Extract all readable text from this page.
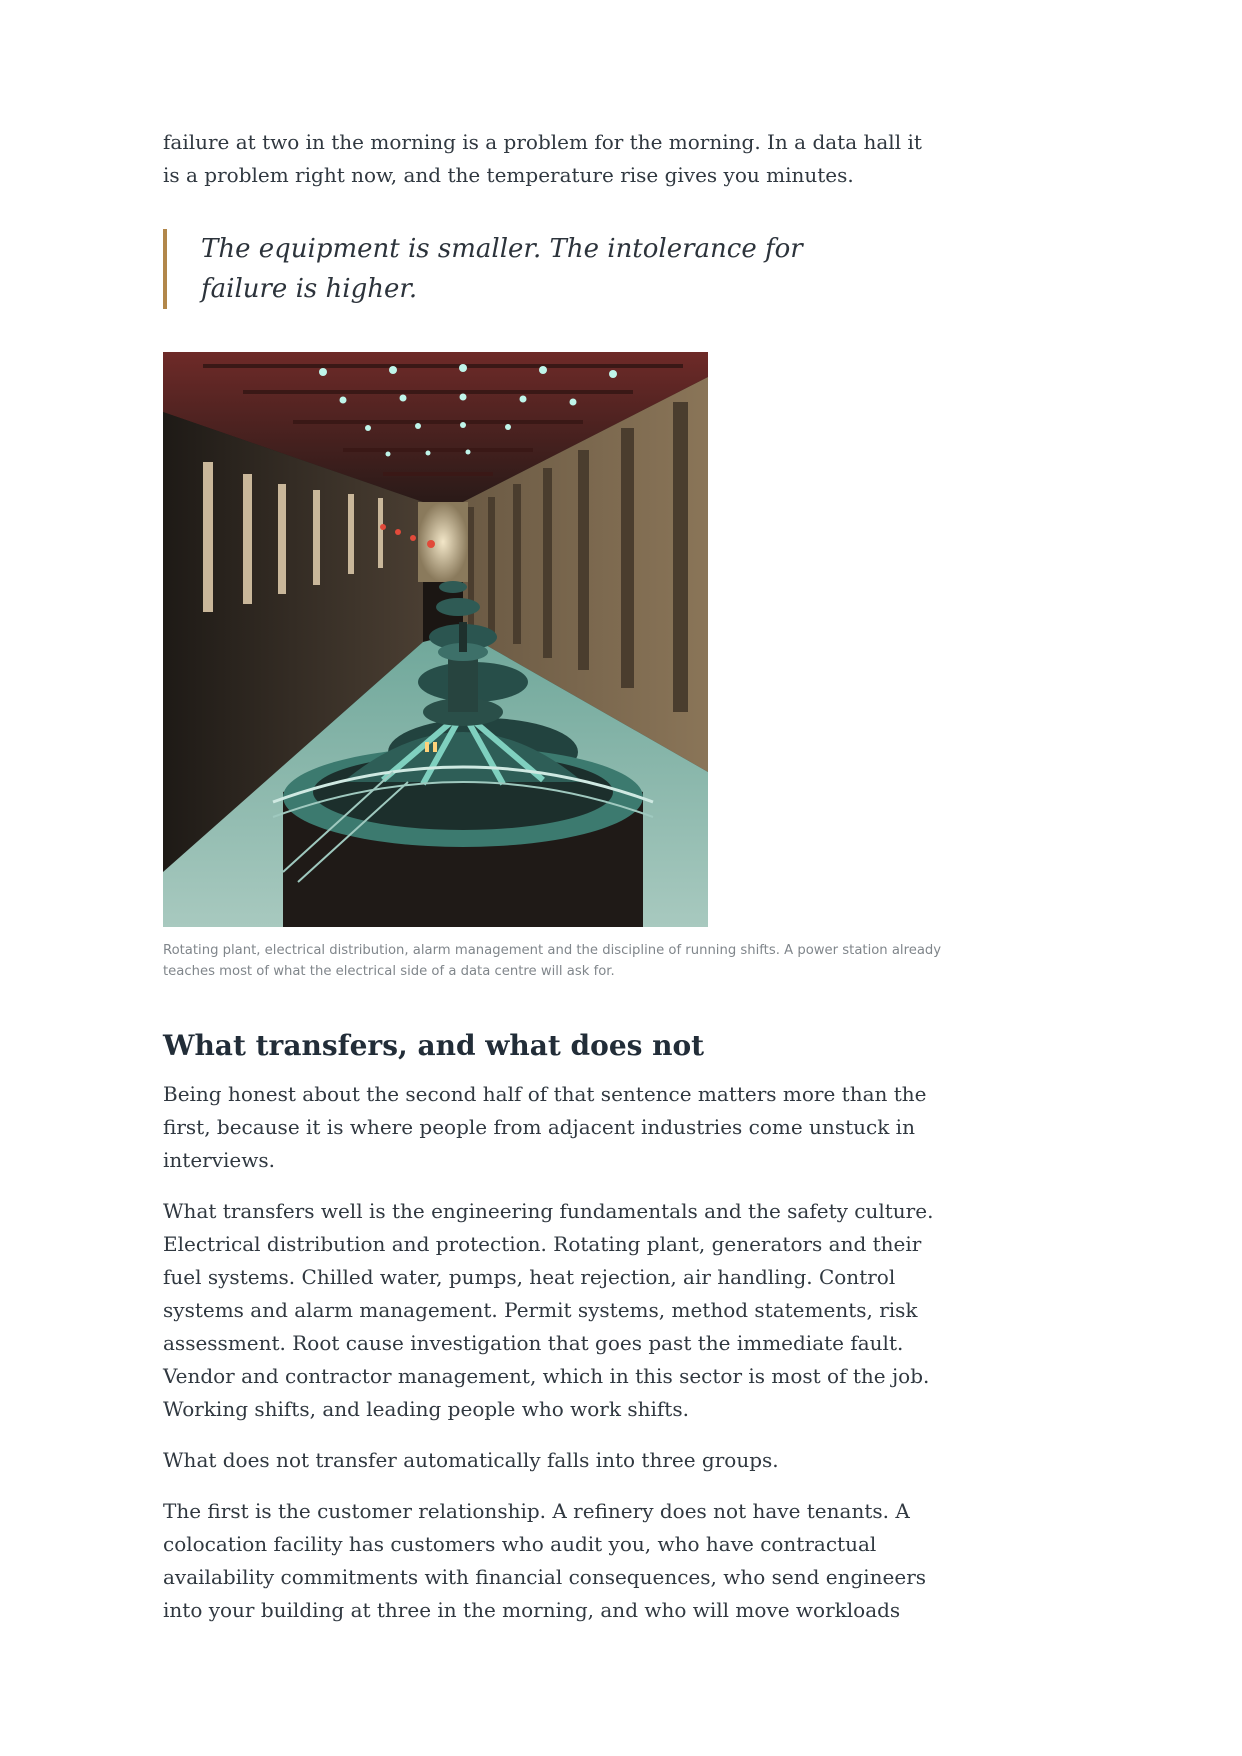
failure at two in the morning is a problem for the morning. In a data hall it is a problem right now, and the temperature rise gives you minutes.

The equipment is smaller. The intolerance for failure is higher.
Rotating plant, electrical distribution, alarm management and the discipline of running shifts. A power station already teaches most of what the electrical side of a data centre will ask for.
What transfers, and what does not

Being honest about the second half of that sentence matters more than the first, because it is where people from adjacent industries come unstuck in interviews.

What transfers well is the engineering fundamentals and the safety culture. Electrical distribution and protection. Rotating plant, generators and their fuel systems. Chilled water, pumps, heat rejection, air handling. Control systems and alarm management. Permit systems, method statements, risk assessment. Root cause investigation that goes past the immediate fault. Vendor and contractor management, which in this sector is most of the job. Working shifts, and leading people who work shifts.

What does not transfer automatically falls into three groups.

The first is the customer relationship. A refinery does not have tenants. A colocation facility has customers who audit you, who have contractual availability commitments with financial consequences, who send engineers into your building at three in the morning, and who will move workloads
